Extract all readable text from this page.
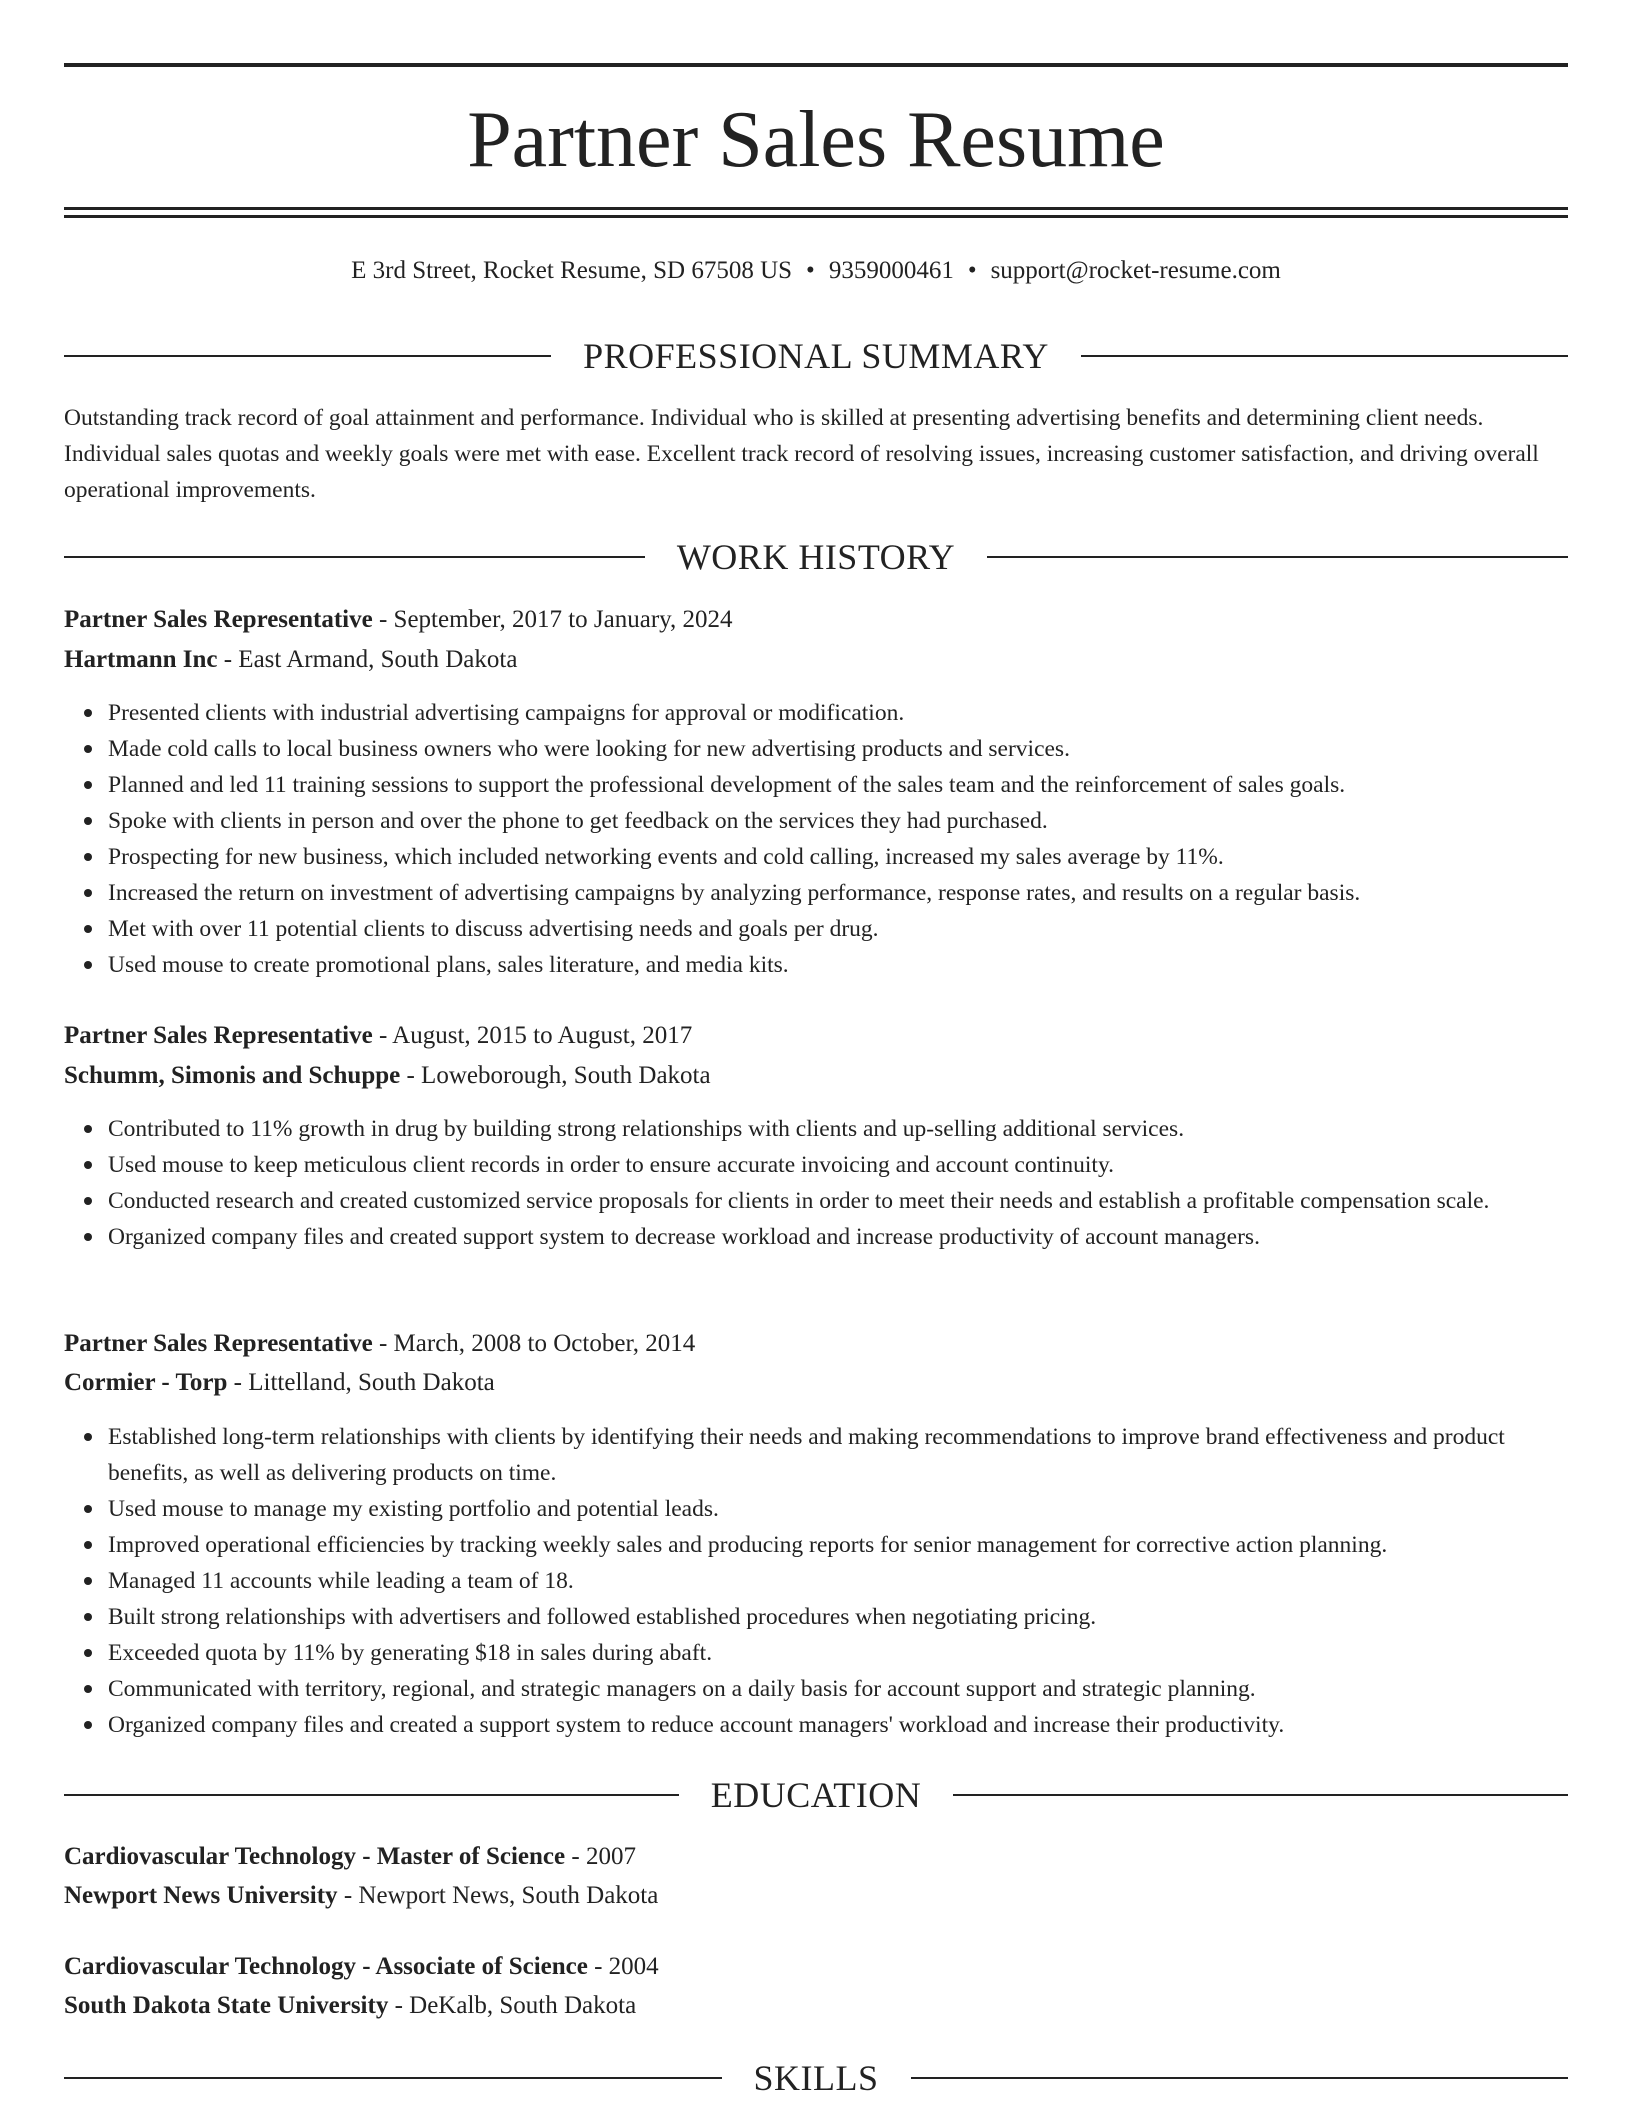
Partner Sales Resume
E 3rd Street, Rocket Resume, SD 67508 US • 9359000461 • support@rocket-resume.com
PROFESSIONAL SUMMARY

Outstanding track record of goal attainment and performance. Individual who is skilled at presenting advertising benefits and determining client needs. Individual sales quotas and weekly goals were met with ease. Excellent track record of resolving issues, increasing customer satisfaction, and driving overall operational improvements.

WORK HISTORY
Partner Sales Representative - September, 2017 to January, 2024
Hartmann Inc - East Armand, South Dakota
Presented clients with industrial advertising campaigns for approval or modification.
Made cold calls to local business owners who were looking for new advertising products and services.
Planned and led 11 training sessions to support the professional development of the sales team and the reinforcement of sales goals.
Spoke with clients in person and over the phone to get feedback on the services they had purchased.
Prospecting for new business, which included networking events and cold calling, increased my sales average by 11%.
Increased the return on investment of advertising campaigns by analyzing performance, response rates, and results on a regular basis.
Met with over 11 potential clients to discuss advertising needs and goals per drug.
Used mouse to create promotional plans, sales literature, and media kits.
Partner Sales Representative - August, 2015 to August, 2017
Schumm, Simonis and Schuppe - Loweborough, South Dakota
Contributed to 11% growth in drug by building strong relationships with clients and up-selling additional services.
Used mouse to keep meticulous client records in order to ensure accurate invoicing and account continuity.
Conducted research and created customized service proposals for clients in order to meet their needs and establish a profitable compensation scale.
Organized company files and created support system to decrease workload and increase productivity of account managers.
Partner Sales Representative - March, 2008 to October, 2014
Cormier - Torp - Littelland, South Dakota
Established long-term relationships with clients by identifying their needs and making recommendations to improve brand effectiveness and product benefits, as well as delivering products on time.
Used mouse to manage my existing portfolio and potential leads.
Improved operational efficiencies by tracking weekly sales and producing reports for senior management for corrective action planning.
Managed 11 accounts while leading a team of 18.
Built strong relationships with advertisers and followed established procedures when negotiating pricing.
Exceeded quota by 11% by generating $18 in sales during abaft.
Communicated with territory, regional, and strategic managers on a daily basis for account support and strategic planning.
Organized company files and created a support system to reduce account managers' workload and increase their productivity.
EDUCATION
Cardiovascular Technology - Master of Science - 2007
Newport News University - Newport News, South Dakota
Cardiovascular Technology - Associate of Science - 2004
South Dakota State University - DeKalb, South Dakota
SKILLS
